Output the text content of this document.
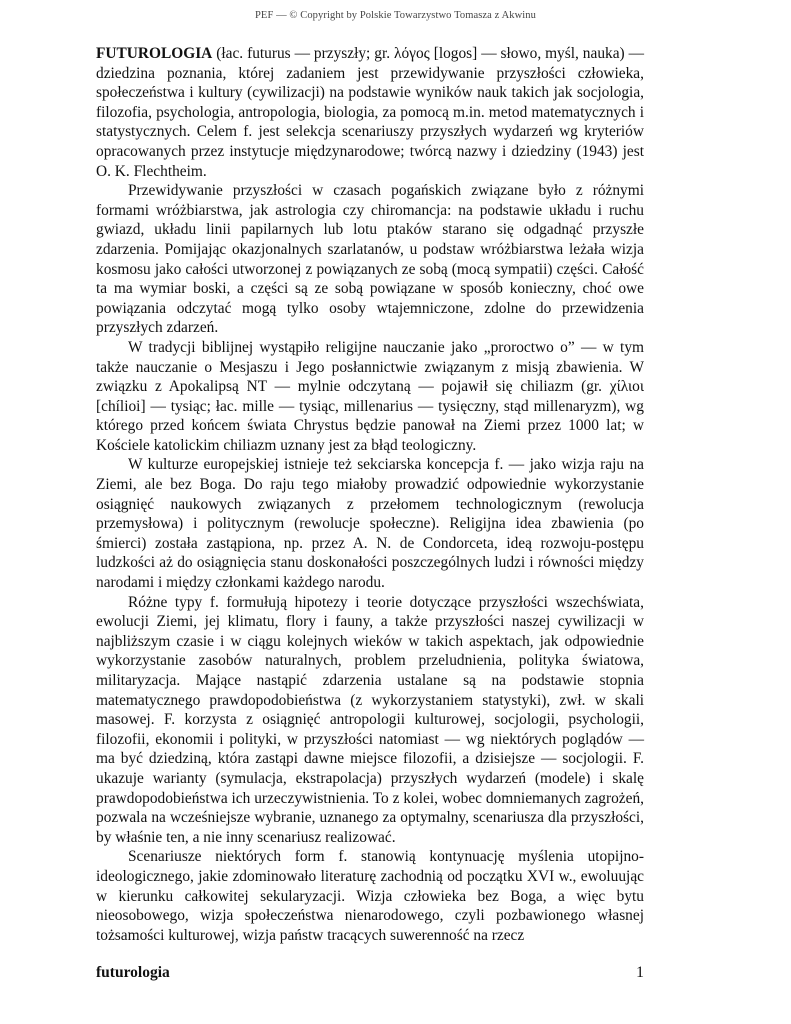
PEF — © Copyright by Polskie Towarzystwo Tomasza z Akwinu

FUTUROLOGIA (łac. futurus — przyszły; gr. λόγος [logos] — słowo, myśl, nauka) — dziedzina poznania, której zadaniem jest przewidywanie przyszłości człowieka, społeczeństwa i kultury (cywilizacji) na podstawie wyników nauk takich jak socjologia, filozofia, psychologia, antropologia, biologia, za pomocą m.in. metod matematycznych i statystycznych. Celem f. jest selekcja scenariuszy przyszłych wydarzeń wg kryteriów opracowanych przez instytucje międzynarodowe; twórcą nazwy i dziedziny (1943) jest O. K. Flechtheim.

Przewidywanie przyszłości w czasach pogańskich związane było z różnymi formami wróżbiarstwa, jak astrologia czy chiromancja: na podstawie układu i ruchu gwiazd, układu linii papilarnych lub lotu ptaków starano się odgadnąć przyszłe zdarzenia. Pomijając okazjonalnych szarlatanów, u podstaw wróżbiarstwa leżała wizja kosmosu jako całości utworzonej z powiązanych ze sobą (mocą sympatii) części. Całość ta ma wymiar boski, a części są ze sobą powiązane w sposób konieczny, choć owe powiązania odczytać mogą tylko osoby wtajemniczone, zdolne do przewidzenia przyszłych zdarzeń.

W tradycji biblijnej wystąpiło religijne nauczanie jako „proroctwo o” — w tym także nauczanie o Mesjaszu i Jego posłannictwie związanym z misją zbawienia. W związku z Apokalipsą NT — mylnie odczytaną — pojawił się chiliazm (gr. χίλιοι [chílioi] — tysiąc; łac. mille — tysiąc, millenarius — tysięczny, stąd millenaryzm), wg którego przed końcem świata Chrystus będzie panował na Ziemi przez 1000 lat; w Kościele katolickim chiliazm uznany jest za błąd teologiczny.

W kulturze europejskiej istnieje też sekciarska koncepcja f. — jako wizja raju na Ziemi, ale bez Boga. Do raju tego miałoby prowadzić odpowiednie wykorzystanie osiągnięć naukowych związanych z przełomem technologicznym (rewolucja przemysłowa) i politycznym (rewolucje społeczne). Religijna idea zbawienia (po śmierci) została zastąpiona, np. przez A. N. de Condorceta, ideą rozwoju-postępu ludzkości aż do osiągnięcia stanu doskonałości poszczególnych ludzi i równości między narodami i między członkami każdego narodu.

Różne typy f. formułują hipotezy i teorie dotyczące przyszłości wszechświata, ewolucji Ziemi, jej klimatu, flory i fauny, a także przyszłości naszej cywilizacji w najbliższym czasie i w ciągu kolejnych wieków w takich aspektach, jak odpowiednie wykorzystanie zasobów naturalnych, problem przeludnienia, polityka światowa, militaryzacja. Mające nastąpić zdarzenia ustalane są na podstawie stopnia matematycznego prawdopodobieństwa (z wykorzystaniem statystyki), zwł. w skali masowej. F. korzysta z osiągnięć antropologii kulturowej, socjologii, psychologii, filozofii, ekonomii i polityki, w przyszłości natomiast — wg niektórych poglądów — ma być dziedziną, która zastąpi dawne miejsce filozofii, a dzisiejsze — socjologii. F. ukazuje warianty (symulacja, ekstrapolacja) przyszłych wydarzeń (modele) i skalę prawdopodobieństwa ich urzeczywistnienia. To z kolei, wobec domniemanych zagrożeń, pozwala na wcześniejsze wybranie, uznanego za optymalny, scenariusza dla przyszłości, by właśnie ten, a nie inny scenariusz realizować.

Scenariusze niektórych form f. stanowią kontynuację myślenia utopijno-ideologicznego, jakie zdominowało literaturę zachodnią od początku XVI w., ewoluując w kierunku całkowitej sekularyzacji. Wizja człowieka bez Boga, a więc bytu nieosobowego, wizja społeczeństwa nienarodowego, czyli pozbawionego własnej tożsamości kulturowej, wizja państw tracących suwerenność na rzecz

futurologia	1
